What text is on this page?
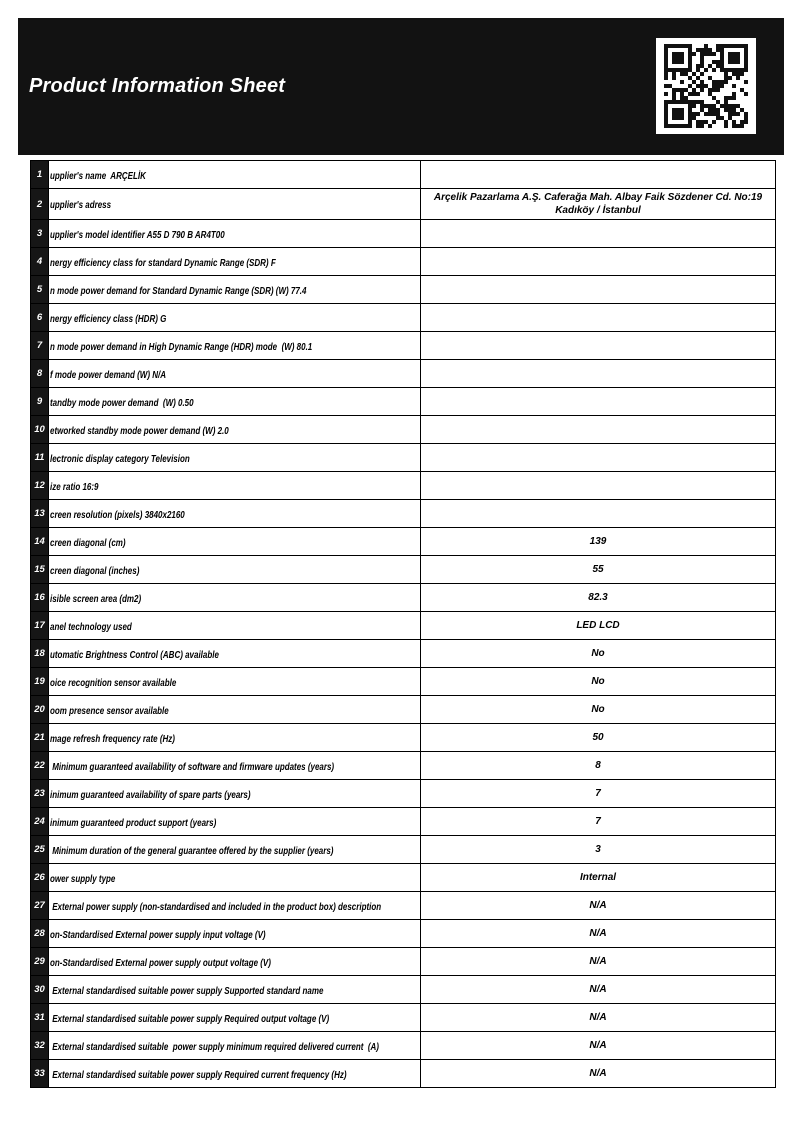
Product Information Sheet
1	upplier's name  ARÇELİK	
2	upplier's adress	Arçelik Pazarlama A.Ş. Caferağa Mah. Albay Faik Sözdener Cd. No:19 Kadıköy / İstanbul
3	upplier's model identifier A55 D 790 B AR4T00	
4	nergy efficiency class for standard Dynamic Range (SDR) F	
5	n mode power demand for Standard Dynamic Range (SDR) (W) 77.4	
6	nergy efficiency class (HDR) G	
7	n mode power demand in High Dynamic Range (HDR) mode  (W) 80.1	
8	f mode power demand (W) N/A	
9	tandby mode power demand  (W) 0.50	
10	etworked standby mode power demand (W) 2.0	
11	lectronic display category Television	
12	ize ratio 16:9	
13	creen resolution (pixels) 3840x2160	
14	creen diagonal (cm)	139
15	creen diagonal (inches)	55
16	isible screen area (dm2)	82.3
17	anel technology used	LED LCD
18	utomatic Brightness Control (ABC) available	No
19	oice recognition sensor available	No
20	oom presence sensor available	No
21	mage refresh frequency rate (Hz)	50
22	Minimum guaranteed availability of software and firmware updates (years)	8
23	inimum guaranteed availability of spare parts (years)	7
24	inimum guaranteed product support (years)	7
25	Minimum duration of the general guarantee offered by the supplier (years)	3
26	ower supply type	Internal
27	External power supply (non-standardised and included in the product box) description	N/A
28	on-Standardised External power supply input voltage (V)	N/A
29	on-Standardised External power supply output voltage (V)	N/A
30	External standardised suitable power supply Supported standard name	N/A
31	External standardised suitable power supply Required output voltage (V)	N/A
32	External standardised suitable  power supply minimum required delivered current  (A)	N/A
33	External standardised suitable power supply Required current frequency (Hz)	N/A
